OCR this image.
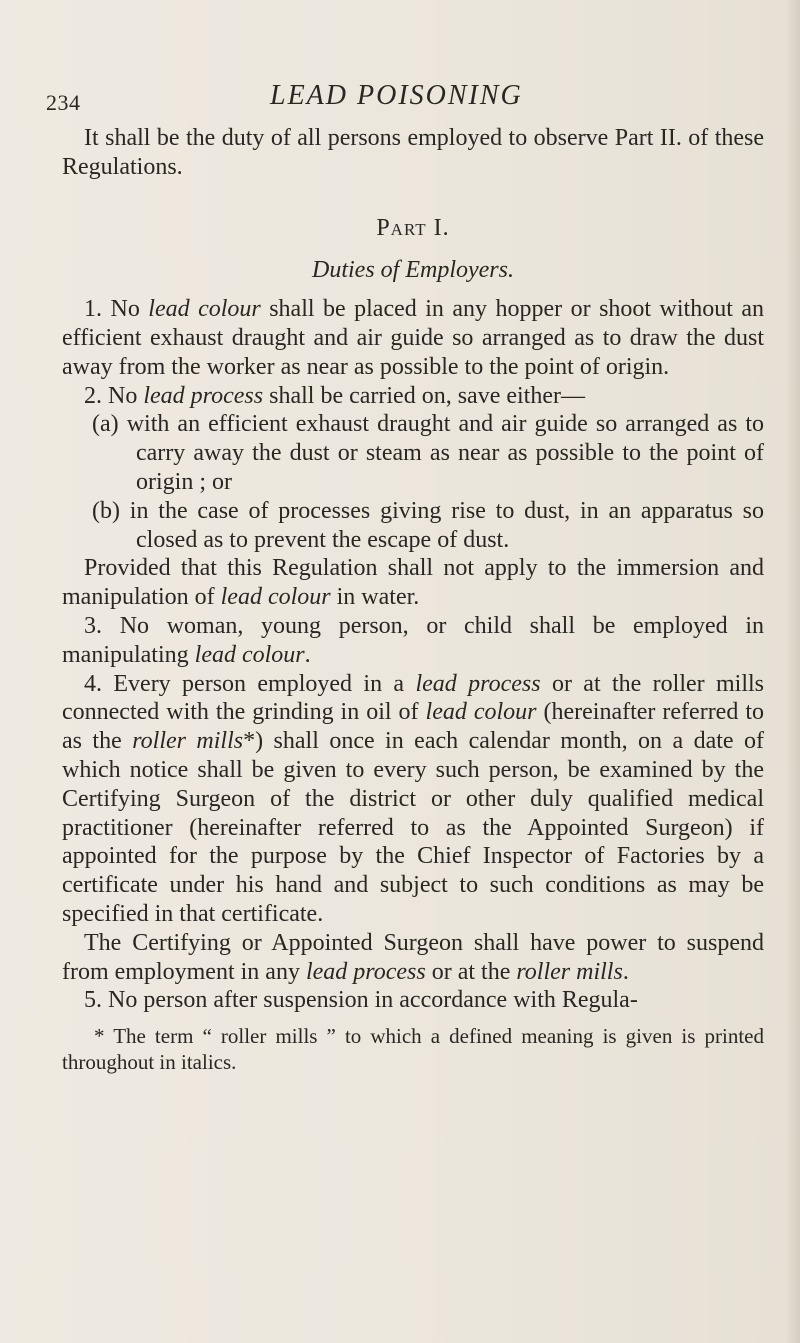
234	LEAD POISONING

It shall be the duty of all persons employed to observe Part II. of these Regulations.

Part I.

Duties of Employers.

1. No lead colour shall be placed in any hopper or shoot without an efficient exhaust draught and air guide so arranged as to draw the dust away from the worker as near as possible to the point of origin.

2. No lead process shall be carried on, save either—

(a) with an efficient exhaust draught and air guide so arranged as to carry away the dust or steam as near as possible to the point of origin ; or

(b) in the case of processes giving rise to dust, in an apparatus so closed as to prevent the escape of dust.

Provided that this Regulation shall not apply to the immersion and manipulation of lead colour in water.

3. No woman, young person, or child shall be employed in manipulating lead colour.

4. Every person employed in a lead process or at the roller mills connected with the grinding in oil of lead colour (hereinafter referred to as the roller mills*) shall once in each calendar month, on a date of which notice shall be given to every such person, be examined by the Certifying Surgeon of the district or other duly qualified medical practitioner (hereinafter referred to as the Appointed Surgeon) if appointed for the purpose by the Chief Inspector of Factories by a certificate under his hand and subject to such conditions as may be specified in that certificate.

The Certifying or Appointed Surgeon shall have power to suspend from employment in any lead process or at the roller mills.

5. No person after suspension in accordance with Regula-

* The term “ roller mills ” to which a defined meaning is given is printed throughout in italics.
